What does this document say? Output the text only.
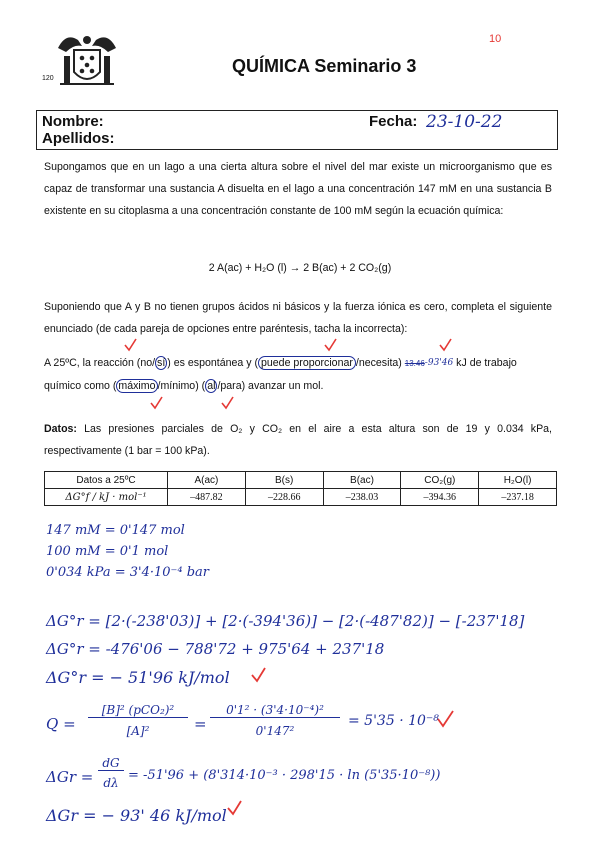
10
120
QUÍMICA Seminario 3
Nombre:
Apellidos:
Fecha: 23-10-22
Supongamos que en un lago a una cierta altura sobre el nivel del mar existe un microorganismo que es capaz de transformar una sustancia A disuelta en el lago a una concentración 147 mM en una sustancia B existente en su citoplasma a una concentración constante de 100 mM según la ecuación química:
2 A(ac) + H₂O (l) → 2 B(ac) + 2 CO₂(g)
Suponiendo que A y B no tienen grupos ácidos ni básicos y la fuerza iónica es cero, completa el siguiente enunciado (de cada pareja de opciones entre paréntesis, tacha la incorrecta):
A 25ºC, la reacción (no/ sí ) es espontánea y ( puede proporcionar /necesita) $13.46^{-93'46}$ kJ de trabajo
químico como ( máximo /mínimo) ( al /para) avanzar un mol.
Datos: Las presiones parciales de O₂ y CO₂ en el aire a esta altura son de 19 y 0.034 kPa, respectivamente (1 bar = 100 kPa).
Datos a 25ºC	A(ac)	B(s)	B(ac)	CO₂(g)	H₂O(l)
ΔG°f / kJ · mol⁻¹	–487.82	–228.66	–238.03	–394.36	–237.18
147 mM = 0'147 mol
100 mM = 0'1 mol
0'034 kPa = 3'4·10⁻⁴ bar
ΔG°r = [2·(-238'03)] + [2·(-394'36)] − [2·(-487'82)] − [-237'18]
ΔG°r = -476'06 − 788'72 + 975'64 + 237'18
ΔG°r = − 51'96 kJ/mol
Q =
[B]² (pCO₂)²
[A]²	=
0'1² · (3'4·10⁻⁴)²
0'147²
= 5'35 · 10⁻⁸
ΔGr =
dG
dλ = -51'96 + (8'314·10⁻³ · 298'15 · ln (5'35·10⁻⁸))
ΔGr = − 93' 46 kJ/mol
